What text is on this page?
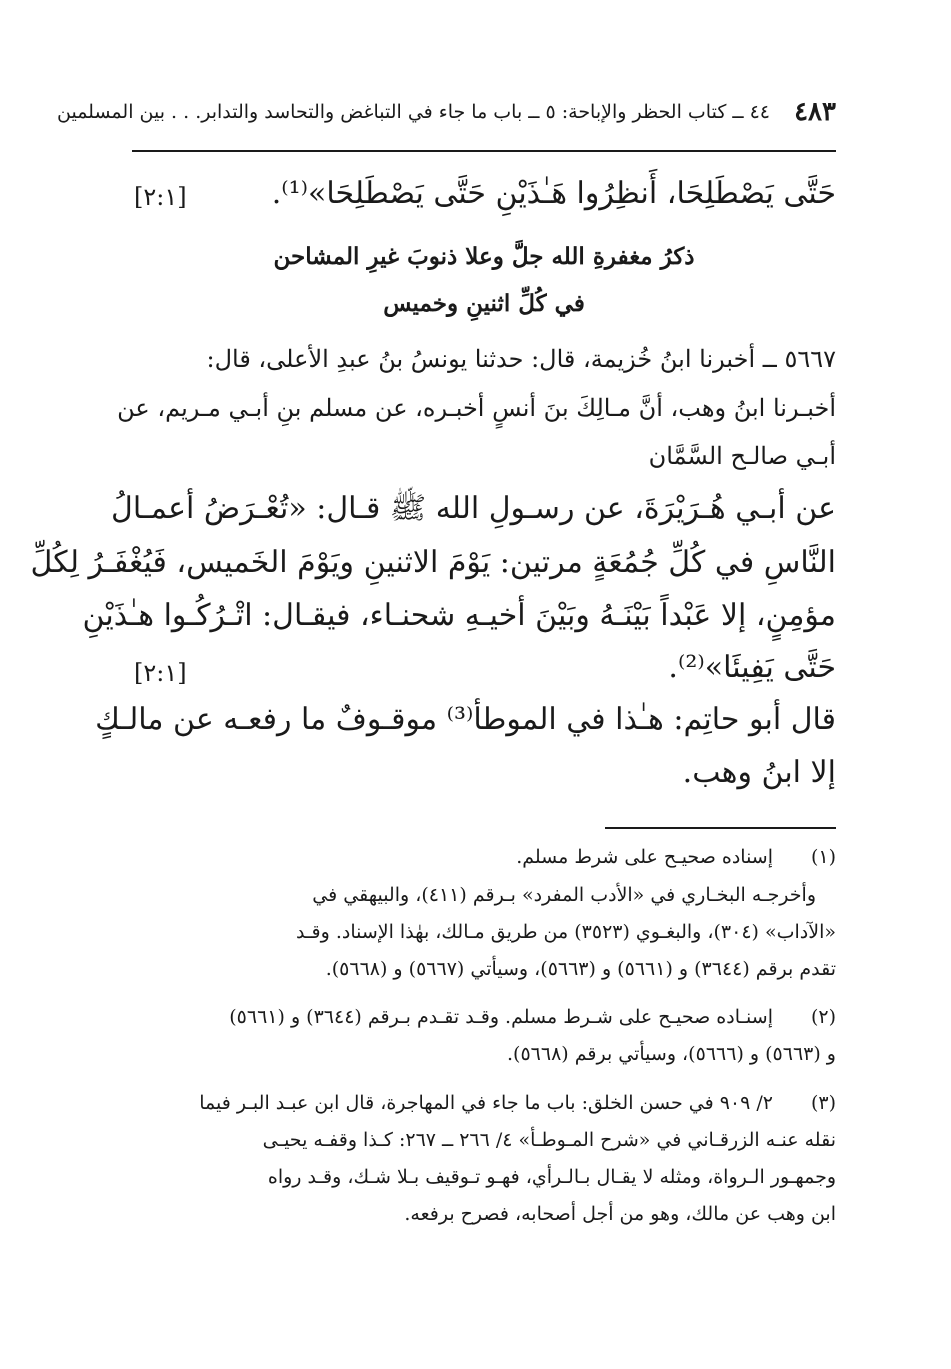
٤٨٣
٤٤ ــ كتاب الحظر والإباحة: ٥ ــ باب ما جاء في التباغض والتحاسد والتدابر. . . بين المسلمين
حَتَّى يَصْطَلِحَا، أَنظِرُوا هَـٰذَيْنِ حَتَّى يَصْطَلِحَا»⁽¹⁾.
[٢:١]
ذكرُ مغفرةِ الله جلَّ وعلا ذنوبَ غيرِ المشاحن
في كُلِّ اثنينِ وخميس
٥٦٦٧ ــ أخبرنا ابنُ خُزيمة، قال: حدثنا يونسُ بنُ عبدِ الأعلى، قال:
أخبـرنا ابنُ وهب، أنَّ مـالِكَ بنَ أنسٍ أخبـره، عن مسلم بنِ أبـي مـريم، عن
أبـي صالـح السَّمَّان
عن أبـي هُـرَيْرَةَ، عن رسـولِ الله ﷺ قـال: «تُعْـرَضُ أعمـالُ
النَّاسِ في كُلِّ جُمُعَةٍ مرتين: يَوْمَ الاثنينِ ويَوْمَ الخَميس، فَيُغْفَـرُ لِكُلِّ
مؤمِنٍ، إلا عَبْداً بَيْنَـهُ وبَيْنَ أخيـهِ شحنـاء، فيقـال: اتْـرُكُـوا هـٰذَيْنِ
حَتَّى يَفِيئَا»⁽²⁾.
[٢:١]
قال أبو حاتِم: هـٰذا في الموطأ⁽³⁾ موقـوفٌ ما رفعـه عن مالـكٍ
إلا ابنُ وهب.
(١)
إسناده صحيـح على شرط مسلم.
وأخرجـه البخـاري في «الأدب المفرد» بـرقم (٤١١)، والبيهقي في
«الآداب» (٣٠٤)، والبغـوي (٣٥٢٣) من طريق مـالك، بهٰذا الإسناد. وقـد
تقدم برقم (٣٦٤٤) و (٥٦٦١) و (٥٦٦٣)، وسيأتي (٥٦٦٧) و (٥٦٦٨).
(٢)
إسنـاده صحيـح على شـرط مسلم. وقـد تقـدم بـرقم (٣٦٤٤) و (٥٦٦١)
و (٥٦٦٣) و (٥٦٦٦)، وسيأتي برقم (٥٦٦٨).
(٣)
٢/ ٩٠٩ في حسن الخلق: باب ما جاء في المهاجرة، قال ابن عبـد البـر فيما
نقله عنـه الزرقـاني في «شرح المـوطـأ» ٤/ ٢٦٦ ــ ٢٦٧: كـذا وقفـه يحيـى
وجمهـور الـرواة، ومثله لا يقـال بـالـرأي، فهـو تـوقيف بـلا شـك، وقـد رواه
ابن وهب عن مالك، وهو من أجل أصحابه، فصرح برفعه.
